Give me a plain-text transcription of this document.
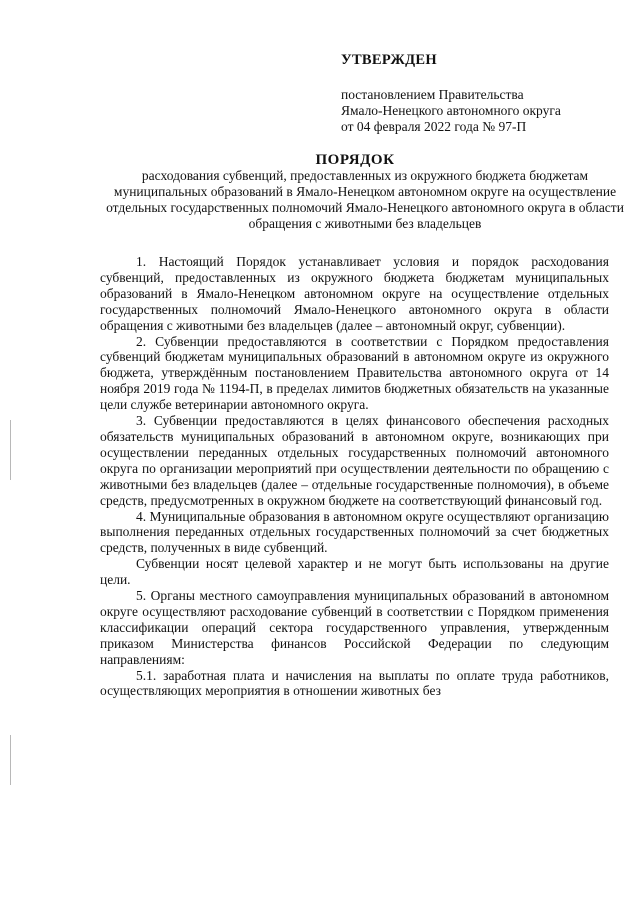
УТВЕРЖДЕН
постановлением Правительства
Ямало-Ненецкого автономного округа
от 04 февраля 2022 года № 97-П
ПОРЯДОК
расходования субвенций, предоставленных из окружного бюджета бюджетам муниципальных образований в Ямало-Ненецком автономном округе на осуществление отдельных государственных полномочий Ямало-Ненецкого автономного округа в области обращения с животными без владельцев

1. Настоящий Порядок устанавливает условия и порядок расходования субвенций, предоставленных из окружного бюджета бюджетам муниципальных образований в Ямало-Ненецком автономном округе на осуществление отдельных государственных полномочий Ямало-Ненецкого автономного округа в области обращения с животными без владельцев (далее – автономный округ, субвенции).

2. Субвенции предоставляются в соответствии с Порядком предоставления субвенций бюджетам муниципальных образований в автономном округе из окружного бюджета, утверждённым постановлением Правительства автономного округа от 14 ноября 2019 года № 1194-П, в пределах лимитов бюджетных обязательств на указанные цели службе ветеринарии автономного округа.

3. Субвенции предоставляются в целях финансового обеспечения расходных обязательств муниципальных образований в автономном округе, возникающих при осуществлении переданных отдельных государственных полномочий автономного округа по организации мероприятий при осуществлении деятельности по обращению с животными без владельцев (далее – отдельные государственные полномочия), в объеме средств, предусмотренных в окружном бюджете на соответствующий финансовый год.

4. Муниципальные образования в автономном округе осуществляют организацию выполнения переданных отдельных государственных полномочий за счет бюджетных средств, полученных в виде субвенций.

Субвенции носят целевой характер и не могут быть использованы на другие цели.

5. Органы местного самоуправления муниципальных образований в автономном округе осуществляют расходование субвенций в соответствии с Порядком применения классификации операций сектора государственного управления, утвержденным приказом Министерства финансов Российской Федерации по следующим направлениям:

5.1. заработная плата и начисления на выплаты по оплате труда работников, осуществляющих мероприятия в отношении животных без
